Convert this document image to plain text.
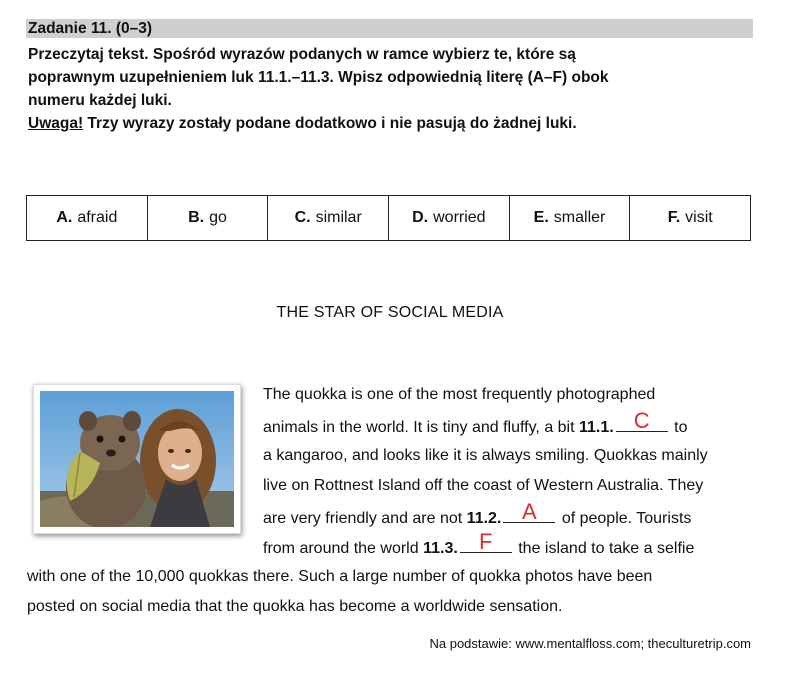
Zadanie 11. (0–3)

Przeczytaj tekst. Spośród wyrazów podanych w ramce wybierz te, które są

poprawnym uzupełnieniem luk 11.1.–11.3. Wpisz odpowiednią literę (A–F) obok

numeru każdej luki.

Uwaga! Trzy wyrazy zostały podane dodatkowo i nie pasują do żadnej luki.

A. afraid	B. go	C. similar	D. worried	E. smaller	F. visit
THE STAR OF SOCIAL MEDIA
The quokka is one of the most frequently photographed
animals in the world. It is tiny and fluffy, a bit 11.1. C	to
a kangaroo, and looks like it is always smiling. Quokkas mainly
live on Rottnest Island off the coast of Western Australia. They
are very friendly and are not 11.2. A	of people. Tourists
from around the world 11.3. F	the island to take a selfie
with one of the 10,000 quokkas there. Such a large number of quokka photos have been
posted on social media that the quokka has become a worldwide sensation.
Na podstawie: www.mentalfloss.com; theculturetrip.com
